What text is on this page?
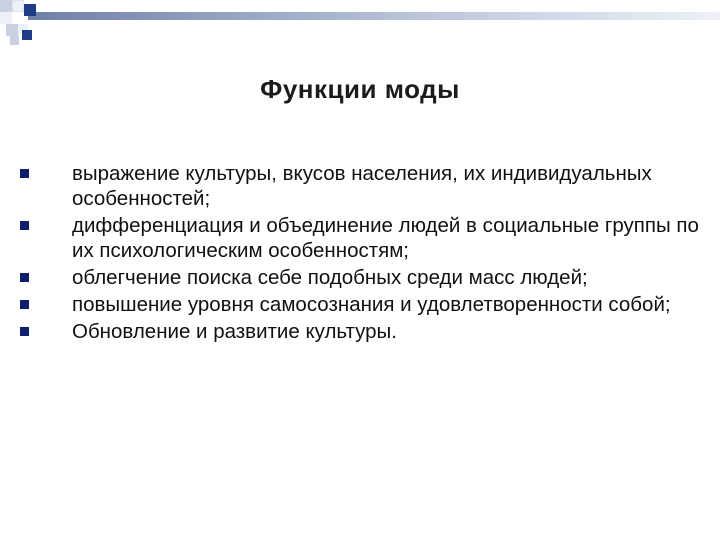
Функции моды
выражение культуры, вкусов населения, их индивидуальных особенностей;
дифференциация и объединение людей в социальные группы по их психологическим особенностям;
облегчение поиска себе подобных среди масс людей;
повышение уровня самосознания и удовлетворенности собой;
Обновление и развитие культуры.
